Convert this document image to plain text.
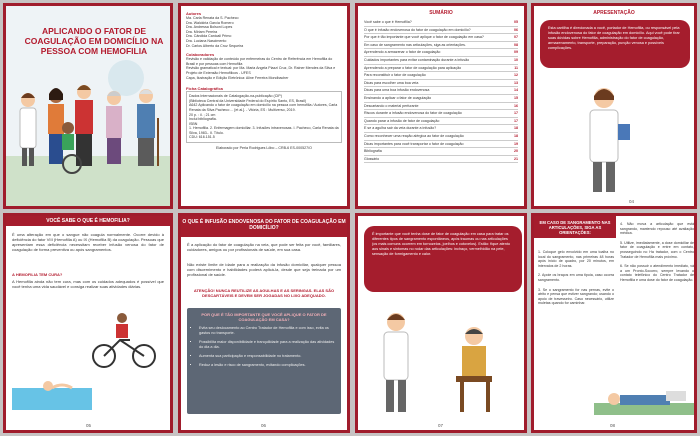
APLICANDO O FATOR DE COAGULAÇÃO EM DOMICÍLIO NA PESSOA COM HEMOFILIA
Autores
Ma. Carla Renata da S. Pacheco
Dra. Walckiria Garcia Romero
Dra. Andressa Bolsoni Lopes
Dra. Miriam Pereira
Dra. Cândida Canicali Primo
Dra. Luciana Nascimento
Dr. Carlos Alberto da Cruz Sequeira
Colaboradores
Revisão e validação de conteúdo por enfermeiras do Centro de Referência em Hemofilia do Brasil e por pessoas com Hemofilia
Revisão gramatical e textual: por Ma. Maria Angela Piazzi Cruz, Dr. Rainer Mendes da Silva e Projeto de Extensão Hemofilicos - UFES
Capa, Ilustração e Edição Eletrônica: Aline Ferreira Mondbacher
Ficha Catalográfica
Dados Internacionais de Catalogação-na-publicação (CIP)
(Biblioteca Central da Universidade Federal do Espírito Santo, ES, Brasil)
A642 Aplicando o fator de coagulação em domicílio na pessoa com hemofilia / Autores, Carla Renata da Silva Pacheco ... [et al.]. - Vitória, ES : Multiverso, 2019.
20 p. : il. ; 21 cm
Inclui bibliografia.
ISBN
1. Hemofilia. 2. Enfermagem domiciliar. 3. Infusões intravenosas. I. Pacheco, Carla Renata da Silva, 1983-. II. Título.
CDU: 616.151.5
Elaborado por Perla Rodrigues Lôbo – CRB-6 ES-000527/O
SUMÁRIO
Você sabe o que é Hemofilia?	05
O que é infusão endovenosa do fator de coagulação em domicílio?	06
Por que é tão importante que você aplique o fator de coagulação em casa?	07
Em caso de sangramento nas articulações, siga as orientações.	08
Aprendendo a armazenar o fator de coagulação	09
Cuidados importantes para evitar contaminação durante a infusão	10
Aprendendo a preparar o fator de coagulação para aplicação	11
Para reconstituir o fator de coagulação	12
Dicas para escolher uma boa veia	13
Dicas para uma boa infusão endovenosa	14
Ensinando a aplicar o fator de coagulação	15
Descartando o material perfurante	16
Riscos durante a infusão endovenosa do fator de coagulação	17
Quando parar a infusão de fator de coagulação	17
E se a agulha sair da veia durante a infusão?	18
Como reconhecer uma reação alérgica ao fator de coagulação	18
Dicas importantes para você transportar o fator de coagulação	19
Bibliografia	20
Glossário	21
APRESENTAÇÃO
Esta cartilha é direcionada a você, portador de Hemofilia, ou responsável pela infusão endovenosa do fator de coagulação em domicílio. Aqui você pode tirar suas dúvidas sobre Hemofilia, administração do fator de coagulação, armazenamento, transporte, preparação, punção venosa e possíveis complicações.
04
VOCÊ SABE O QUE É HEMOFILIA?
É uma alteração em que o sangue não coagula normalmente. Ocorre devido à deficiência do fator VIII (Hemofilia A) ou IX (Hemofilia B) da coagulação. Pessoas que apresentam essa deficiência necessitam receber infusão venosa do fator de coagulação de forma preventiva ou após sangramentos.
A HEMOFILIA TEM CURA?
A Hemofilia ainda não tem cura, mas com os cuidados adequados é possível que você tenha uma vida saudável e consiga realizar suas atividades diárias.
05
O QUE É INFUSÃO ENDOVENOSA DO FATOR DE COAGULAÇÃO EM DOMICÍLIO?
É a aplicação do fator de coagulação na veia, que pode ser feita por você, familiares, cuidadores, amigos ou por profissionais de saúde, em sua casa.
Não existe limite de idade para a realização da infusão domiciliar, qualquer pessoa com discernimento e habilidades poderá aplicá-la, desde que seja treinada por um profissional de saúde.
ATENÇÃO! NUNCA REUTILIZE AS AGULHAS E AS SERINGAS. ELAS SÃO DESCARTÁVEIS E DEVEM SER JOGADAS NO LIXO ADEQUADO.
POR QUE É TÃO IMPORTANTE QUE VOCÊ APLIQUE O FATOR DE COAGULAÇÃO EM CASA?
▪ Evita seu deslocamento ao Centro Tratador de Hemofilia e com isso, evita os gastos no transporte.
▪ Possibilita maior disponibilidade e tranquilidade para a realização das atividades do dia a dia.
▪ Aumenta sua participação e responsabilidade no tratamento.
▪ Reduz a lesão e risco de sangramento, evitando complicações.
06
É importante que você tenha dose de fator de coagulação em casa para tratar os diferentes tipos de sangramento espontâneos, após traumas ou nas articulações (os mais comuns ocorrem em tornozelos, joelhos e cotovelos). Estão: fique atento aos sinais e sintomas no rodar das articulações: inchaço, vermelhidão na pele, sensação de formigamento e calor.
07
EM CASO DE SANGRAMENTO NAS ARTICULAÇÕES, SIGA AS ORIENTAÇÕES:
1. Coloque gelo envolvido em uma toalha no local do sangramento, nas primeiras 48 horas após início de quadro, por 20 minutos, em intervalos de 2 horas.
2. Apoie os braços em uma tipoia, caso ocorra sangramento.
3. Se o sangramento for nas pernas, evite o atrito e pensa que estiver sangrando; usando o apoio de travesseiro. Caso necessário, utilize muletas quando for caminhar.
4. Não mova a articulação que está sangrando, mantendo repouso até avaliação médica.
5. Utilize, imediatamente, a dose domiciliar de fator de coagulação e entre em contato, prosseguindo no Ha tratador, com o Centro Tratador de Hemofilia mais próximo.
6. Se não possuir o atendimento imediato, vá a um Pronto-Socorro, sempre levando o contato telefônico do Centro Tratador de Hemofilia e uma dose do fator de coagulação.
08
